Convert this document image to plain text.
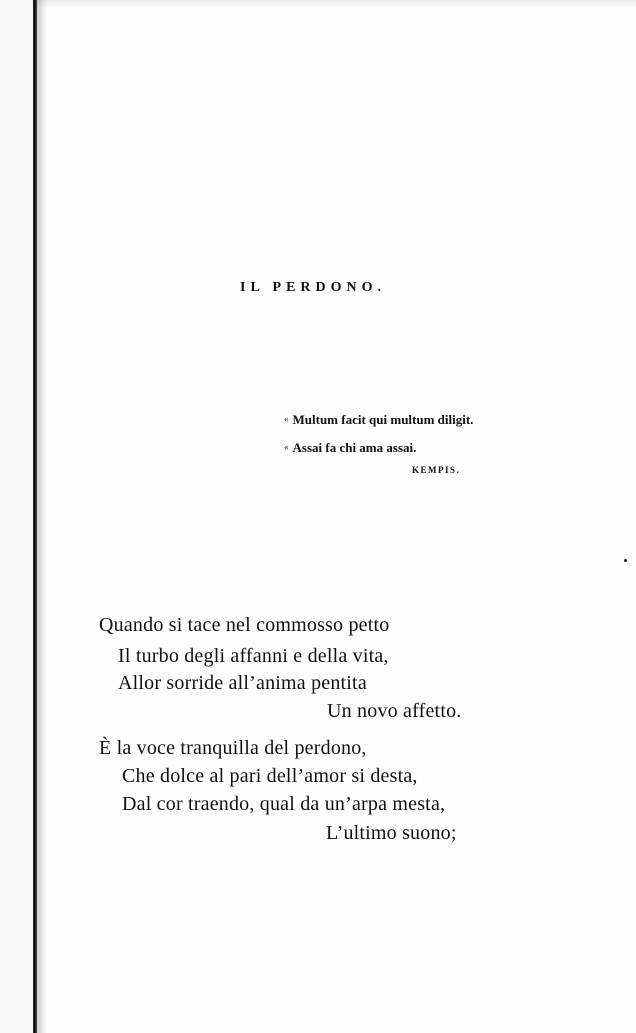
IL PERDONO.
« Multum facit qui multum diligit.
« Assai fa chi ama assai.
KEMPIS.
Quando si tace nel commosso petto
Il turbo degli affanni e della vita,
Allor sorride all’anima pentita
Un novo affetto.
È la voce tranquilla del perdono,
Che dolce al pari dell’amor si desta,
Dal cor traendo, qual da un’arpa mesta,
L’ultimo suono;
